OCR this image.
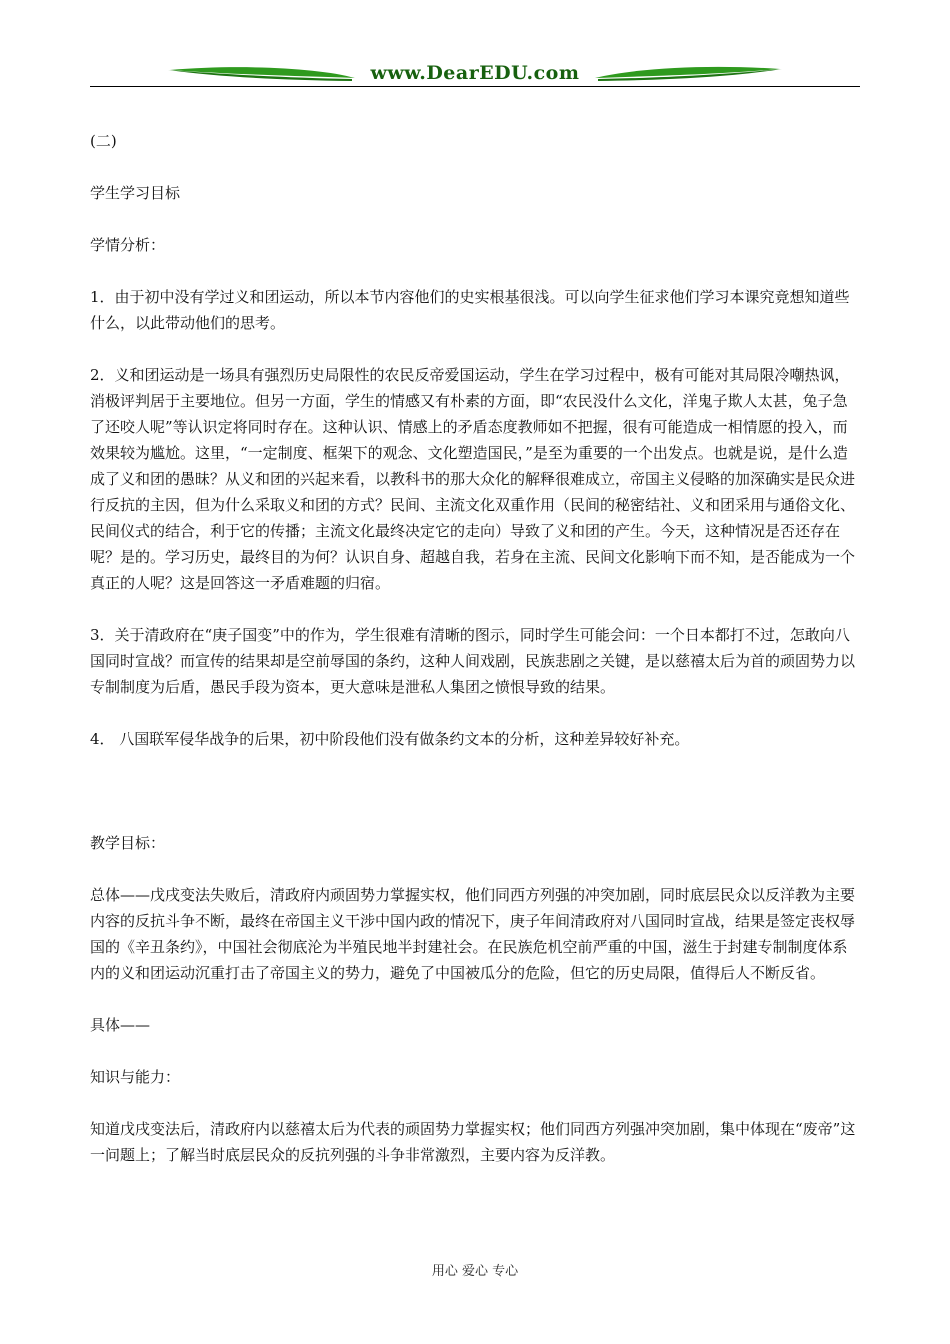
www.DearEDU.com

(二)

学生学习目标

学情分析：

1．由于初中没有学过义和团运动，所以本节内容他们的史实根基很浅。可以向学生征求他们学习本课究竟想知道些什么，以此带动他们的思考。

2．义和团运动是一场具有强烈历史局限性的农民反帝爱国运动，学生在学习过程中，极有可能对其局限冷嘲热讽，消极评判居于主要地位。但另一方面，学生的情感又有朴素的方面，即“农民没什么文化，洋鬼子欺人太甚，兔子急了还咬人呢”等认识定将同时存在。这种认识、情感上的矛盾态度教师如不把握，很有可能造成一相情愿的投入，而效果较为尴尬。这里，“一定制度、框架下的观念、文化塑造国民，”是至为重要的一个出发点。也就是说，是什么造成了义和团的愚昧？从义和团的兴起来看，以教科书的那大众化的解释很难成立，帝国主义侵略的加深确实是民众进行反抗的主因，但为什么采取义和团的方式？民间、主流文化双重作用（民间的秘密结社、义和团采用与通俗文化、民间仪式的结合，利于它的传播；主流文化最终决定它的走向）导致了义和团的产生。今天，这种情况是否还存在呢？是的。学习历史，最终目的为何？认识自身、超越自我，若身在主流、民间文化影响下而不知，是否能成为一个真正的人呢？这是回答这一矛盾难题的归宿。

3．关于清政府在“庚子国变”中的作为，学生很难有清晰的图示，同时学生可能会问：一个日本都打不过，怎敢向八国同时宣战？而宣传的结果却是空前辱国的条约，这种人间戏剧，民族悲剧之关键，是以慈禧太后为首的顽固势力以专制制度为后盾，愚民手段为资本，更大意味是泄私人集团之愤恨导致的结果。

4． 八国联军侵华战争的后果，初中阶段他们没有做条约文本的分析，这种差异较好补充。

教学目标：

总体——戊戌变法失败后，清政府内顽固势力掌握实权，他们同西方列强的冲突加剧，同时底层民众以反洋教为主要内容的反抗斗争不断，最终在帝国主义干涉中国内政的情况下，庚子年间清政府对八国同时宣战，结果是签定丧权辱国的《辛丑条约》，中国社会彻底沦为半殖民地半封建社会。在民族危机空前严重的中国，滋生于封建专制制度体系内的义和团运动沉重打击了帝国主义的势力，避免了中国被瓜分的危险，但它的历史局限，值得后人不断反省。

具体——

知识与能力：

知道戊戌变法后，清政府内以慈禧太后为代表的顽固势力掌握实权；他们同西方列强冲突加剧，集中体现在“废帝”这一问题上；了解当时底层民众的反抗列强的斗争非常激烈，主要内容为反洋教。

用心 爱心 专心
